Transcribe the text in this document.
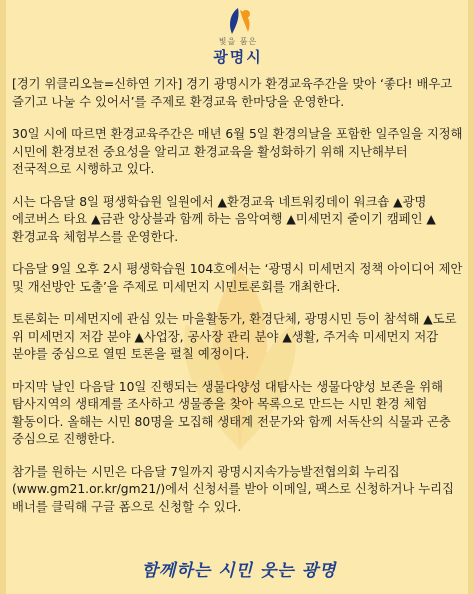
빛을 품은
광명시

[경기 위클리오늘=신하연 기자] 경기 광명시가 환경교육주간을 맞아 ‘좋다! 배우고 즐기고 나눌 수 있어서’를 주제로 환경교육 한마당을 운영한다.

30일 시에 따르면 환경교육주간은 매년 6월 5일 환경의날을 포함한 일주일을 지정해 시민에 환경보전 중요성을 알리고 환경교육을 활성화하기 위해 지난해부터 전국적으로 시행하고 있다.

시는 다음달 8일 평생학습원 일원에서 ▲환경교육 네트워킹데이 워크숍 ▲광명 에코버스 타요 ▲금관 앙상블과 함께 하는 음악여행 ▲미세먼지 줄이기 캠페인 ▲환경교육 체험부스를 운영한다.

다음달 9일 오후 2시 평생학습원 104호에서는 ‘광명시 미세먼지 정책 아이디어 제안 및 개선방안 도출’을 주제로 미세먼지 시민토론회를 개최한다.

토론회는 미세먼지에 관심 있는 마을활동가, 환경단체, 광명시민 등이 참석해 ▲도로 위 미세먼지 저감 분야 ▲사업장, 공사장 관리 분야 ▲생활, 주거속 미세먼지 저감 분야를 중심으로 열띤 토론을 펼칠 예정이다.

마지막 날인 다음달 10일 진행되는 생물다양성 대탐사는 생물다양성 보존을 위해 탐사지역의 생태계를 조사하고 생물종을 찾아 목록으로 만드는 시민 환경 체험 활동이다. 올해는 시민 80명을 모집해 생태계 전문가와 함께 서독산의 식물과 곤충 중심으로 진행한다.

참가를 원하는 시민은 다음달 7일까지 광명시지속가능발전협의회 누리집(www.gm21.or.kr/gm21/)에서 신청서를 받아 이메일, 팩스로 신청하거나 누리집 배너를 클릭해 구글 폼으로 신청할 수 있다.

함께하는 시민 웃는 광명
